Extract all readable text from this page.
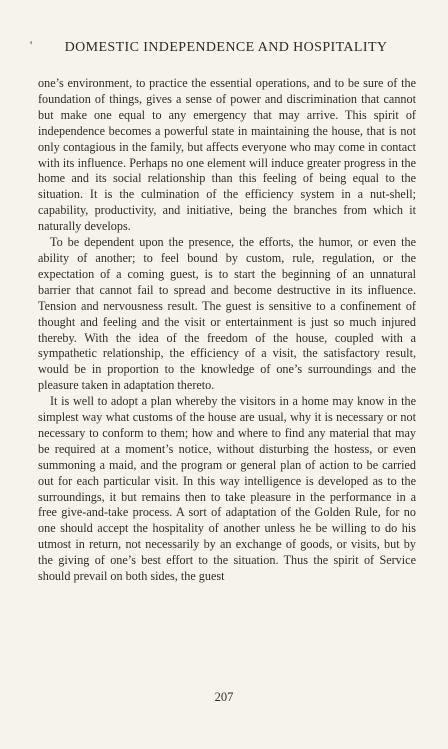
' DOMESTIC INDEPENDENCE AND HOSPITALITY

one’s environment, to practice the essential operations, and to be sure of the foundation of things, gives a sense of power and discrimination that cannot but make one equal to any emergency that may arrive. This spirit of independence becomes a powerful state in maintaining the house, that is not only contagious in the family, but affects everyone who may come in contact with its influence. Perhaps no one element will induce greater progress in the home and its social relationship than this feeling of being equal to the situation. It is the culmination of the efficiency system in a nut-shell; capability, productivity, and initiative, being the branches from which it naturally develops.

To be dependent upon the presence, the efforts, the humor, or even the ability of another; to feel bound by custom, rule, regulation, or the expectation of a coming guest, is to start the beginning of an unnatural barrier that cannot fail to spread and become destructive in its influence. Tension and nervousness result. The guest is sensitive to a confinement of thought and feeling and the visit or entertainment is just so much injured thereby. With the idea of the freedom of the house, coupled with a sympathetic relationship, the efficiency of a visit, the satisfactory result, would be in proportion to the knowledge of one’s surroundings and the pleasure taken in adaptation thereto.

It is well to adopt a plan whereby the visitors in a home may know in the simplest way what customs of the house are usual, why it is necessary or not necessary to conform to them; how and where to find any material that may be required at a moment’s notice, without disturbing the hostess, or even summoning a maid, and the program or general plan of action to be carried out for each particular visit. In this way intelligence is developed as to the surroundings, it but remains then to take pleasure in the performance in a free give-and-take process. A sort of adaptation of the Golden Rule, for no one should accept the hospitality of another unless he be willing to do his utmost in return, not necessarily by an exchange of goods, or visits, but by the giving of one’s best effort to the situation. Thus the spirit of Service should prevail on both sides, the guest

207
